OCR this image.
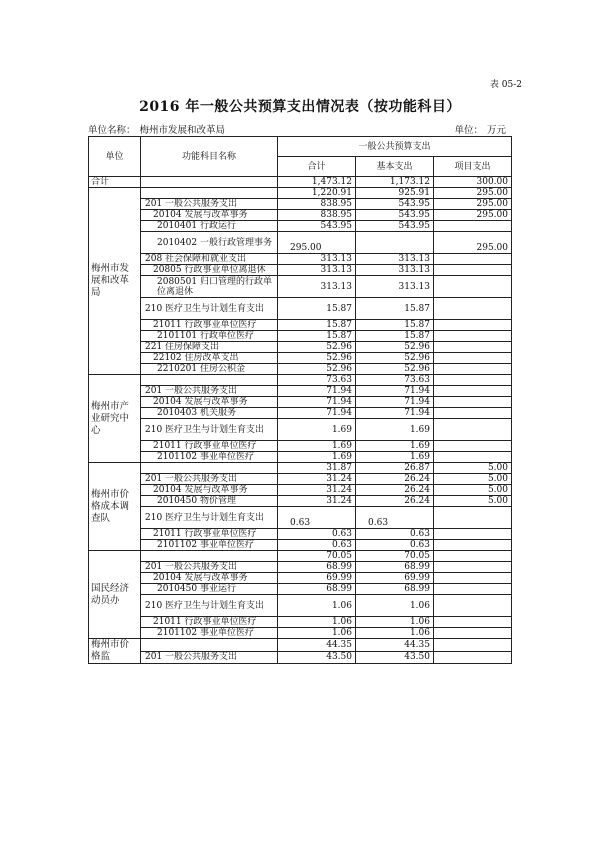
表 05-2
2016 年一般公共预算支出情况表（按功能科目）
单位名称： 梅州市发展和改革局	单位： 万元
单位	功能科目名称	一般公共预算支出		
		合计	基本支出	项目支出
合计		1,473.12	1,173.12	300.00
梅州市发展和改革局		1,220.91	925.91	295.00
	201 一般公共服务支出	838.95	543.95	295.00
	20104 发展与改革事务	838.95	543.95	295.00
	2010401 行政运行	543.95	543.95	
	2010402 一般行政管理事务	295.00		295.00
	208 社会保障和就业支出	313.13	313.13	
	20805 行政事业单位离退休	313.13	313.13	
	2080501 归口管理的行政单位离退休	313.13	313.13	
	210 医疗卫生与计划生育支出	15.87	15.87	
	21011 行政事业单位医疗	15.87	15.87	
	2101101 行政单位医疗	15.87	15.87	
	221 住房保障支出	52.96	52.96	
	22102 住房改革支出	52.96	52.96	
	2210201 住房公积金	52.96	52.96	
梅州市产业研究中心		73.63	73.63	
	201 一般公共服务支出	71.94	71.94	
	20104 发展与改革事务	71.94	71.94	
	2010403 机关服务	71.94	71.94	
	210 医疗卫生与计划生育支出	1.69	1.69	
	21011 行政事业单位医疗	1.69	1.69	
	2101102 事业单位医疗	1.69	1.69	
梅州市价格成本调查队		31.87	26.87	5.00
	201 一般公共服务支出	31.24	26.24	5.00
	20104 发展与改革事务	31.24	26.24	5.00
	2010450 物价管理	31.24	26.24	5.00
	210 医疗卫生与计划生育支出	0.63	0.63	
	21011 行政事业单位医疗	0.63	0.63	
	2101102 事业单位医疗	0.63	0.63	
国民经济动员办		70.05	70.05	
	201 一般公共服务支出	68.99	68.99	
	20104 发展与改革事务	69.99	69.99	
	2010450 事业运行	68.99	68.99	
	210 医疗卫生与计划生育支出	1.06	1.06	
	21011 行政事业单位医疗	1.06	1.06	
	2101102 事业单位医疗	1.06	1.06	
梅州市价格监		44.35	44.35	
	201 一般公共服务支出	43.50	43.50	
